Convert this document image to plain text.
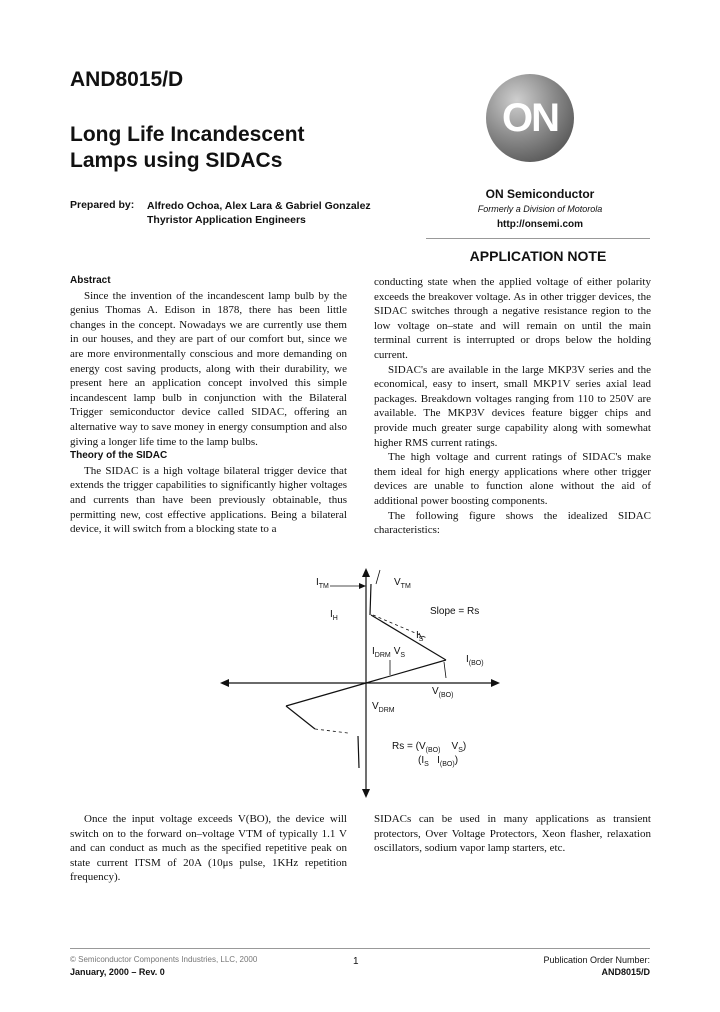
AND8015/D
Long Life Incandescent
Lamps using SIDACs
Prepared by: Alfredo Ochoa, Alex Lara & Gabriel Gonzalez
Thyristor Application Engineers
ON
ON Semiconductor
Formerly a Division of Motorola
http://onsemi.com
APPLICATION NOTE
Abstract

Since the invention of the incandescent lamp bulb by the genius Thomas A. Edison in 1878, there has been little changes in the concept. Nowadays we are currently use them in our houses, and they are part of our comfort but, since we are more environmentally conscious and more demanding on energy cost saving products, along with their durability, we present here an application concept involved this simple incandescent lamp bulb in conjunction with the Bilateral Trigger semiconductor device called SIDAC, offering an alternative way to save money in energy consumption and also giving a longer life time to the lamp bulbs.

Theory of the SIDAC

The SIDAC is a high voltage bilateral trigger device that extends the trigger capabilities to significantly higher voltages and currents than have been previously obtainable, thus permitting new, cost effective applications. Being a bilateral device, it will switch from a blocking state to a

conducting state when the applied voltage of either polarity exceeds the breakover voltage. As in other trigger devices, the SIDAC switches through a negative resistance region to the low voltage on–state and will remain on until the main terminal current is interrupted or drops below the holding current.

SIDAC's are available in the large MKP3V series and the economical, easy to insert, small MKP1V series axial lead packages. Breakdown voltages ranging from 110 to 250V are available. The MKP3V devices feature bigger chips and provide much greater surge capability along with somewhat higher RMS current ratings.

The high voltage and current ratings of SIDAC's make them ideal for high energy applications where other trigger devices are unable to function alone without the aid of additional power boosting components.

The following figure shows the idealized SIDAC characteristics:

$I_{TM}$	$V_{TM}$
$I_H$
Slope = Rs
$I_S$
$I_{DRM}$ $V_S$	$I_{(BO)}$
$V_{(BO)}$
$V_{DRM}$
$Rs = (V_{(BO)}$    $V_S$)
($I_S$   $I_{(BO)}$)

Once the input voltage exceeds V(BO), the device will switch on to the forward on–voltage VTM of typically 1.1 V and can conduct as much as the specified repetitive peak on state current ITSM of 20A (10μs pulse, 1KHz repetition frequency).

SIDACs can be used in many applications as transient protectors, Over Voltage Protectors, Xeon flasher, relaxation oscillators, sodium vapor lamp starters, etc.

© Semiconductor Components Industries, LLC, 2000
January, 2000 – Rev. 0
1	Publication Order Number:
AND8015/D
